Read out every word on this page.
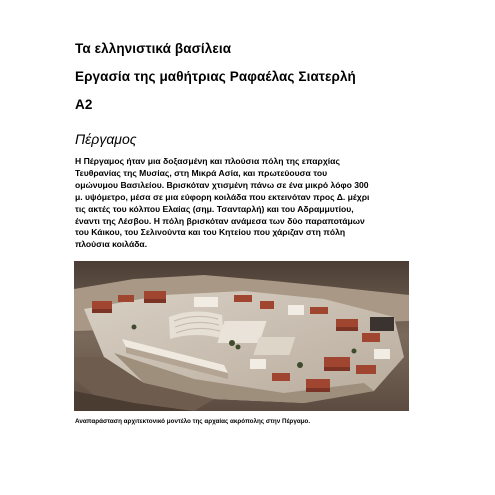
Τα ελληνιστικά βασίλεια
Εργασία της μαθήτριας Ραφαέλας Σιατερλή
Α2
Πέργαμος
Η Πέργαμος ήταν μια δοξασμένη και πλούσια πόλη της επαρχίας
Τευθρανίας της Μυσίας, στη Μικρά Ασία, και πρωτεύουσα του
ομώνυμου Βασιλείου. Βρισκόταν χτισμένη πάνω σε ένα μικρό λόφο 300
μ. υψόμετρο, μέσα σε μια εύφορη κοιλάδα που εκτεινόταν προς Δ. μέχρι
τις ακτές του κόλπου Ελαίας (σημ. Τσανταρλή) και του Αδραμμυτίου,
έναντι της Λέσβου. Η πόλη βρισκόταν ανάμεσα των δύο παραποτάμων
του Κάικου, του Σελινούντα και του Κητείου που χάριζαν στη πόλη
πλούσια κοιλάδα.
Αναπαράσταση αρχιτεκτονικό μοντέλο της αρχαίας ακρόπολης στην Πέργαμο.
